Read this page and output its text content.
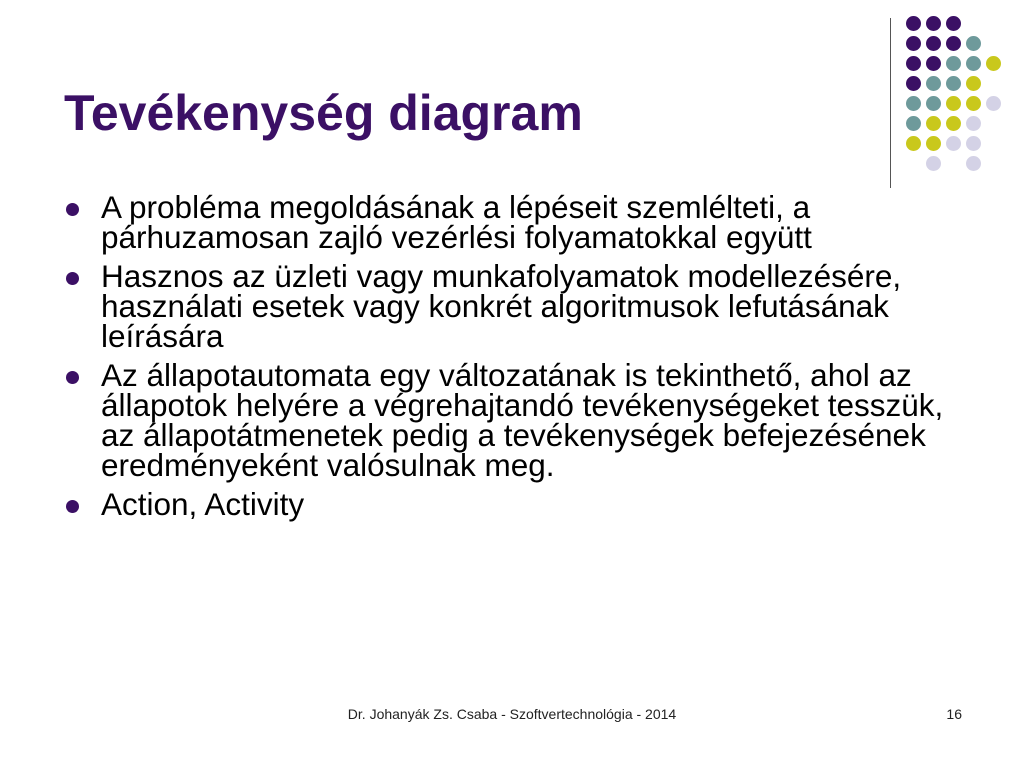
Tevékenység diagram
A probléma megoldásának a lépéseit szemlélteti, a párhuzamosan zajló vezérlési folyamatokkal együtt
Hasznos az üzleti vagy munkafolyamatok modellezésére, használati esetek vagy konkrét algoritmusok lefutásának leírására
Az állapotautomata egy változatának is tekinthető, ahol az állapotok helyére a végrehajtandó tevékenységeket tesszük, az állapotátmenetek pedig a tevékenységek befejezésének eredményeként valósulnak meg.
Action, Activity
Dr. Johanyák Zs. Csaba - Szoftvertechnológia - 2014	16
